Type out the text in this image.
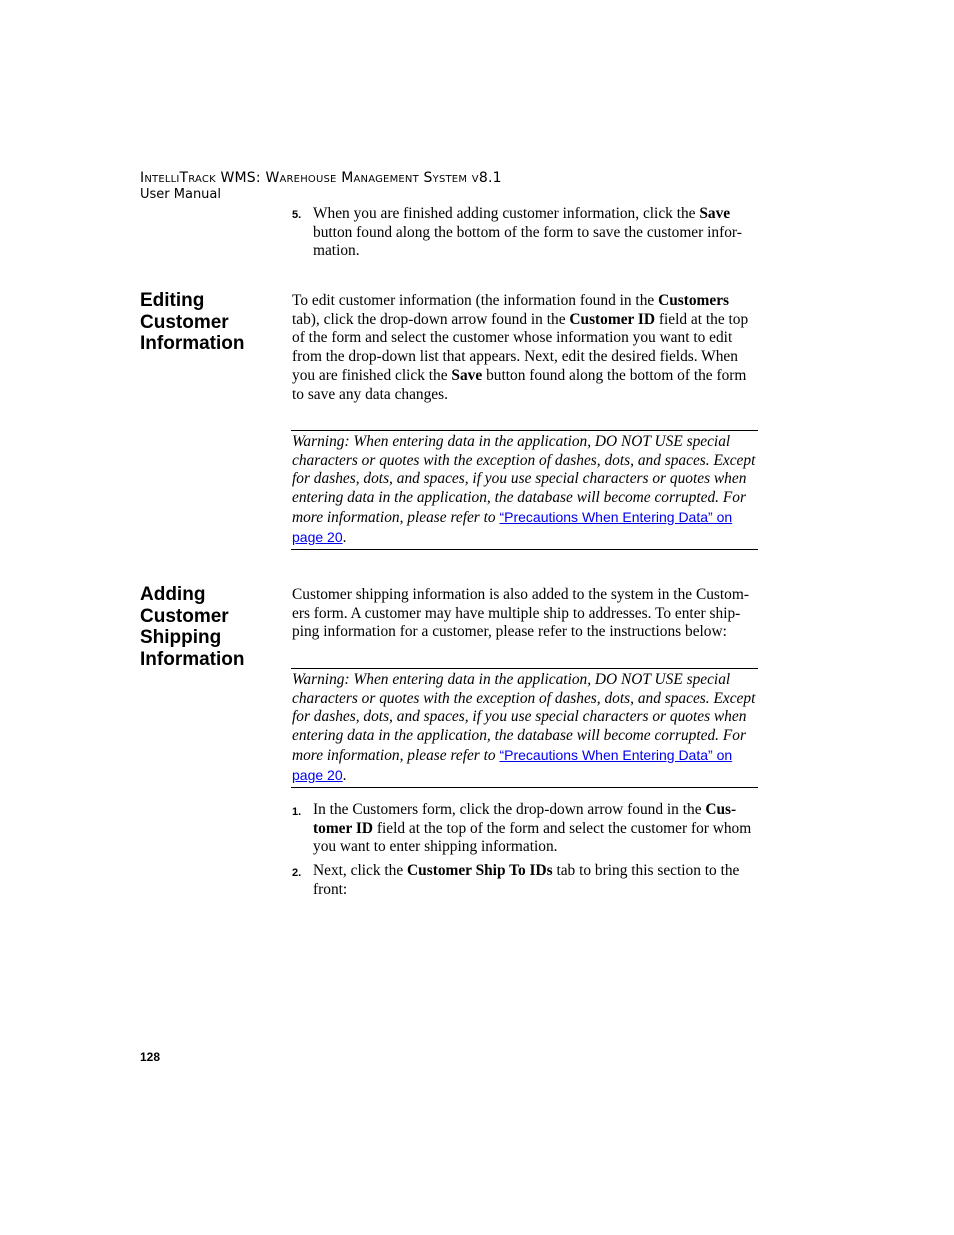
IntelliTrack WMS: Warehouse Management System v8.1
User Manual
5. When you are finished adding customer information, click the Save
button found along the bottom of the form to save the customer infor-
mation.
Editing
Customer
Information
To edit customer information (the information found in the Customers
tab), click the drop-down arrow found in the Customer ID field at the top
of the form and select the customer whose information you want to edit
from the drop-down list that appears. Next, edit the desired fields. When
you are finished click the Save button found along the bottom of the form
to save any data changes.
Warning: When entering data in the application, DO NOT USE special
characters or quotes with the exception of dashes, dots, and spaces. Except
for dashes, dots, and spaces, if you use special characters or quotes when
entering data in the application, the database will become corrupted. For
more information, please refer to “Precautions When Entering Data” on
page 20.
Adding
Customer
Shipping
Information
Customer shipping information is also added to the system in the Custom-
ers form. A customer may have multiple ship to addresses. To enter ship-
ping information for a customer, please refer to the instructions below:
Warning: When entering data in the application, DO NOT USE special
characters or quotes with the exception of dashes, dots, and spaces. Except
for dashes, dots, and spaces, if you use special characters or quotes when
entering data in the application, the database will become corrupted. For
more information, please refer to “Precautions When Entering Data” on
page 20.
1. In the Customers form, click the drop-down arrow found in the Cus-
tomer ID field at the top of the form and select the customer for whom
you want to enter shipping information.
2. Next, click the Customer Ship To IDs tab to bring this section to the
front:
128
